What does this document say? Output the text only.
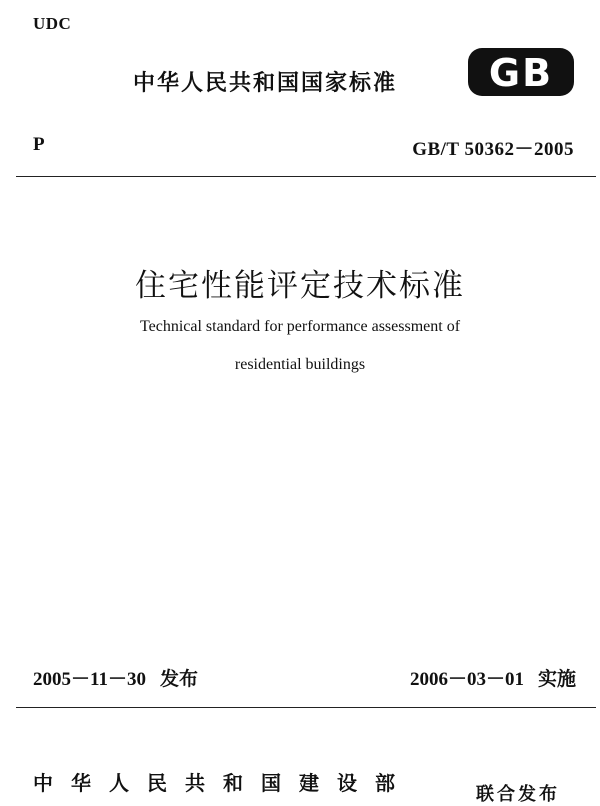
UDC
中华人民共和国国家标准 GB
P	GB/T 50362－2005
住宅性能评定技术标准
Technical standard for performance assessment of
residential buildings
2005－11－30 发布	2006－03－01 实施
中华人民共和国建设部	联合发布
